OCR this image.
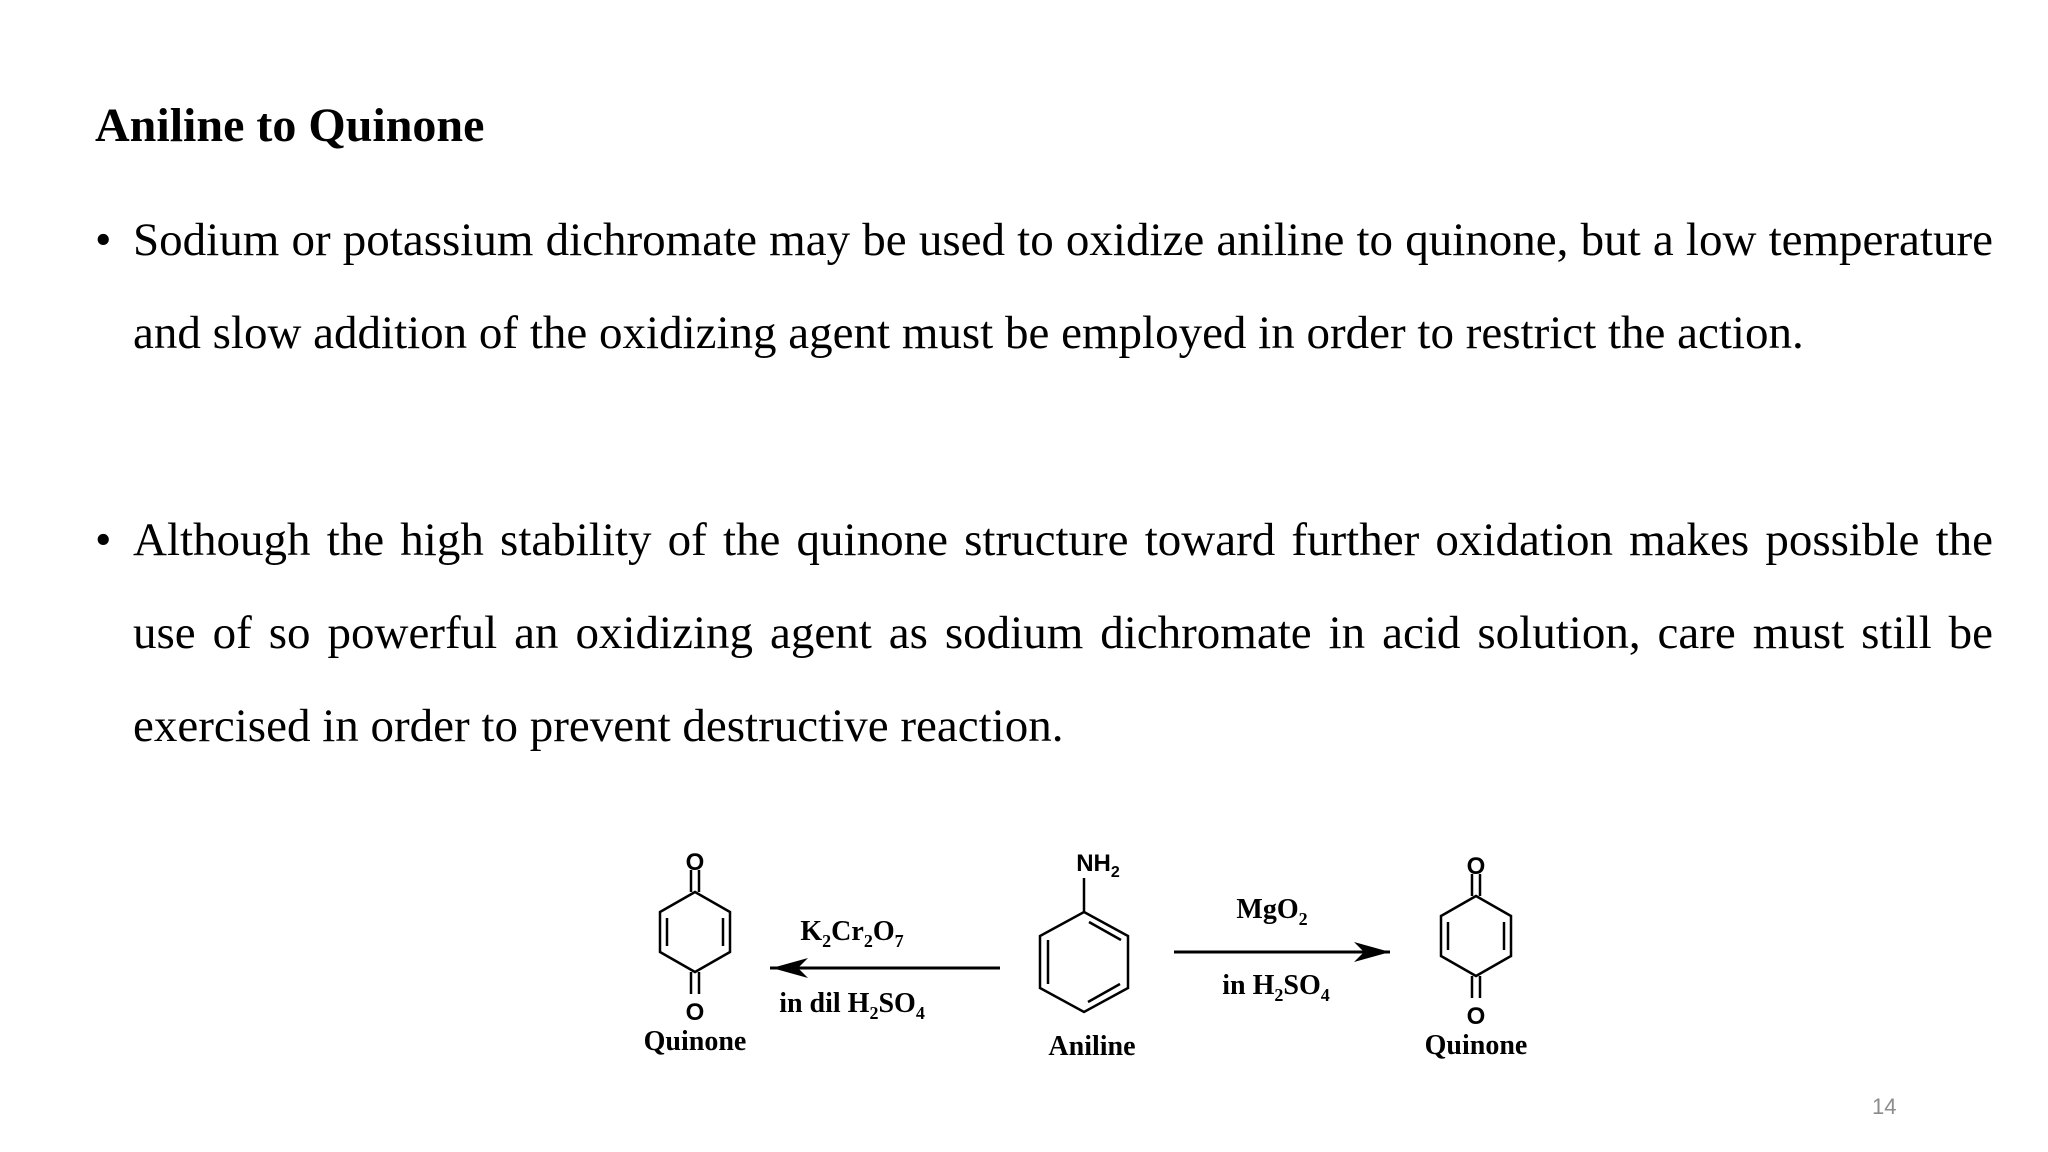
Aniline to Quinone
• Sodium or potassium dichromate may be used to oxidize aniline to quinone, but a low temperature and slow addition of the oxidizing agent must be employed in order to restrict the action.
• Although the high stability of the quinone structure toward further oxidation makes possible the use of so powerful an oxidizing agent as sodium dichromate in acid solution, care must still be exercised in order to prevent destructive reaction.
O
O
Quinone
$K_2Cr_2O_7$
in dil $H_2SO_4$
$NH_2$
Aniline
MgO$_2$
in $H_2SO_4$
O
O
Quinone
14
